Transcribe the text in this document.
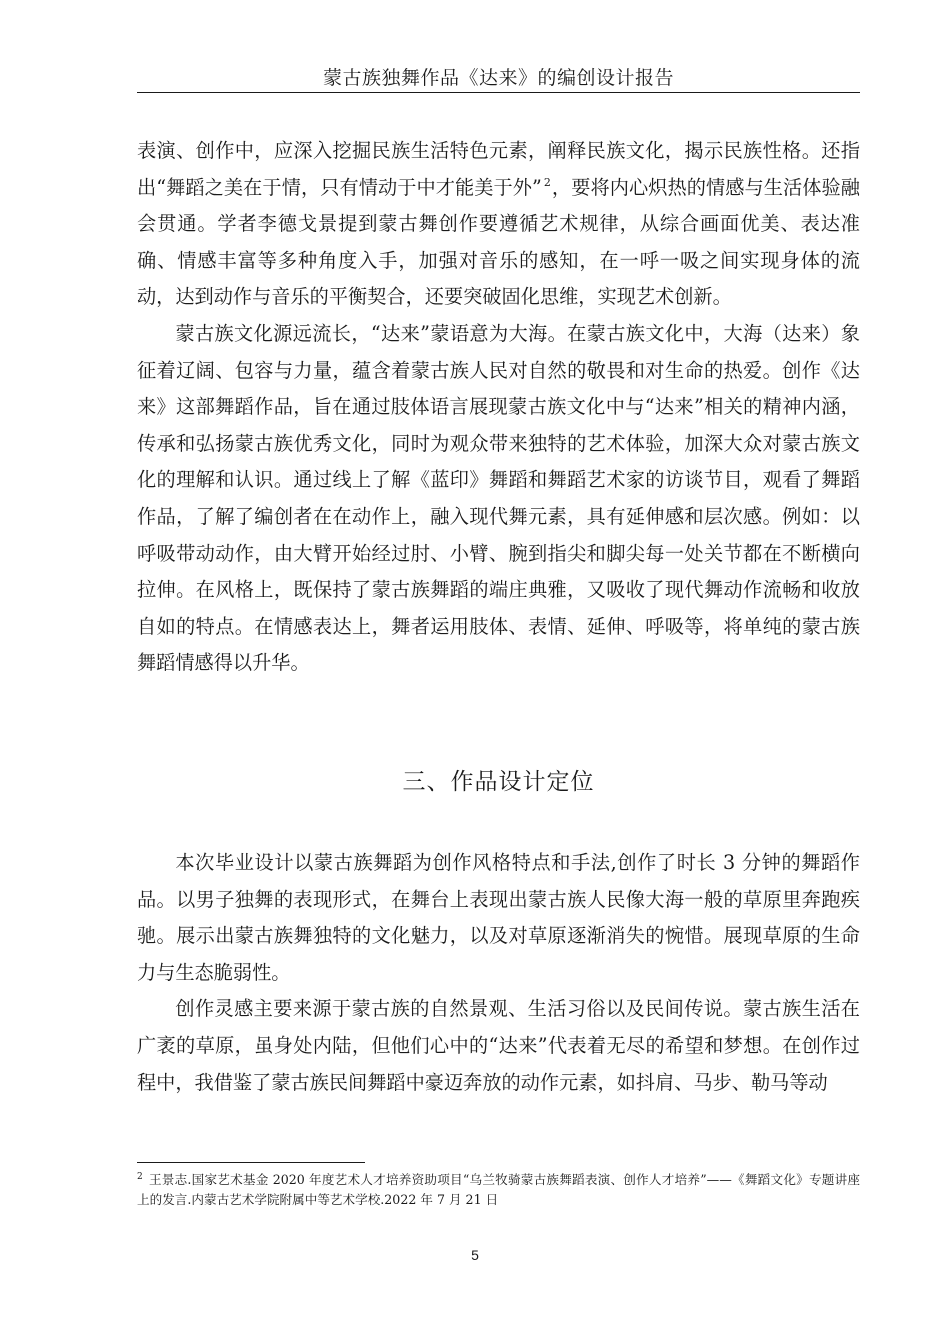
蒙古族独舞作品《达来》的编创设计报告

表演、创作中，应深入挖掘民族生活特色元素，阐释民族文化，揭示民族性格。还指出“舞蹈之美在于情，只有情动于中才能美于外” $^2$，要将内心炽热的情感与生活体验融会贯通。学者李德戈景提到蒙古舞创作要遵循艺术规律，从综合画面优美、表达准确、情感丰富等多种角度入手，加强对音乐的感知，在一呼一吸之间实现身体的流动，达到动作与音乐的平衡契合，还要突破固化思维，实现艺术创新。

蒙古族文化源远流长，“达来”蒙语意为大海。在蒙古族文化中，大海（达来）象征着辽阔、包容与力量，蕴含着蒙古族人民对自然的敬畏和对生命的热爱。创作《达来》这部舞蹈作品，旨在通过肢体语言展现蒙古族文化中与“达来”相关的精神内涵，传承和弘扬蒙古族优秀文化，同时为观众带来独特的艺术体验，加深大众对蒙古族文化的理解和认识。通过线上了解《蓝印》舞蹈和舞蹈艺术家的访谈节目，观看了舞蹈作品，了解了编创者在在动作上，融入现代舞元素，具有延伸感和层次感。例如：以呼吸带动动作，由大臂开始经过肘、小臂、腕到指尖和脚尖每一处关节都在不断横向拉伸。在风格上，既保持了蒙古族舞蹈的端庄典雅，又吸收了现代舞动作流畅和收放自如的特点。在情感表达上，舞者运用肢体、表情、延伸、呼吸等，将单纯的蒙古族舞蹈情感得以升华。

三、作品设计定位

本次毕业设计以蒙古族舞蹈为创作风格特点和手法,创作了时长 3 分钟的舞蹈作品。以男子独舞的表现形式，在舞台上表现出蒙古族人民像大海一般的草原里奔跑疾驰。展示出蒙古族舞独特的文化魅力，以及对草原逐渐消失的惋惜。展现草原的生命力与生态脆弱性。

创作灵感主要来源于蒙古族的自然景观、生活习俗以及民间传说。蒙古族生活在广袤的草原，虽身处内陆，但他们心中的“达来”代表着无尽的希望和梦想。在创作过程中，我借鉴了蒙古族民间舞蹈中豪迈奔放的动作元素，如抖肩、马步、勒马等动

$^2$ 王景志.国家艺术基金 2020 年度艺术人才培养资助项目“乌兰牧骑蒙古族舞蹈表演、创作人才培养”——《舞蹈文化》专题讲座上的发言.内蒙古艺术学院附属中等艺术学校.2022 年 7 月 21 日
5
